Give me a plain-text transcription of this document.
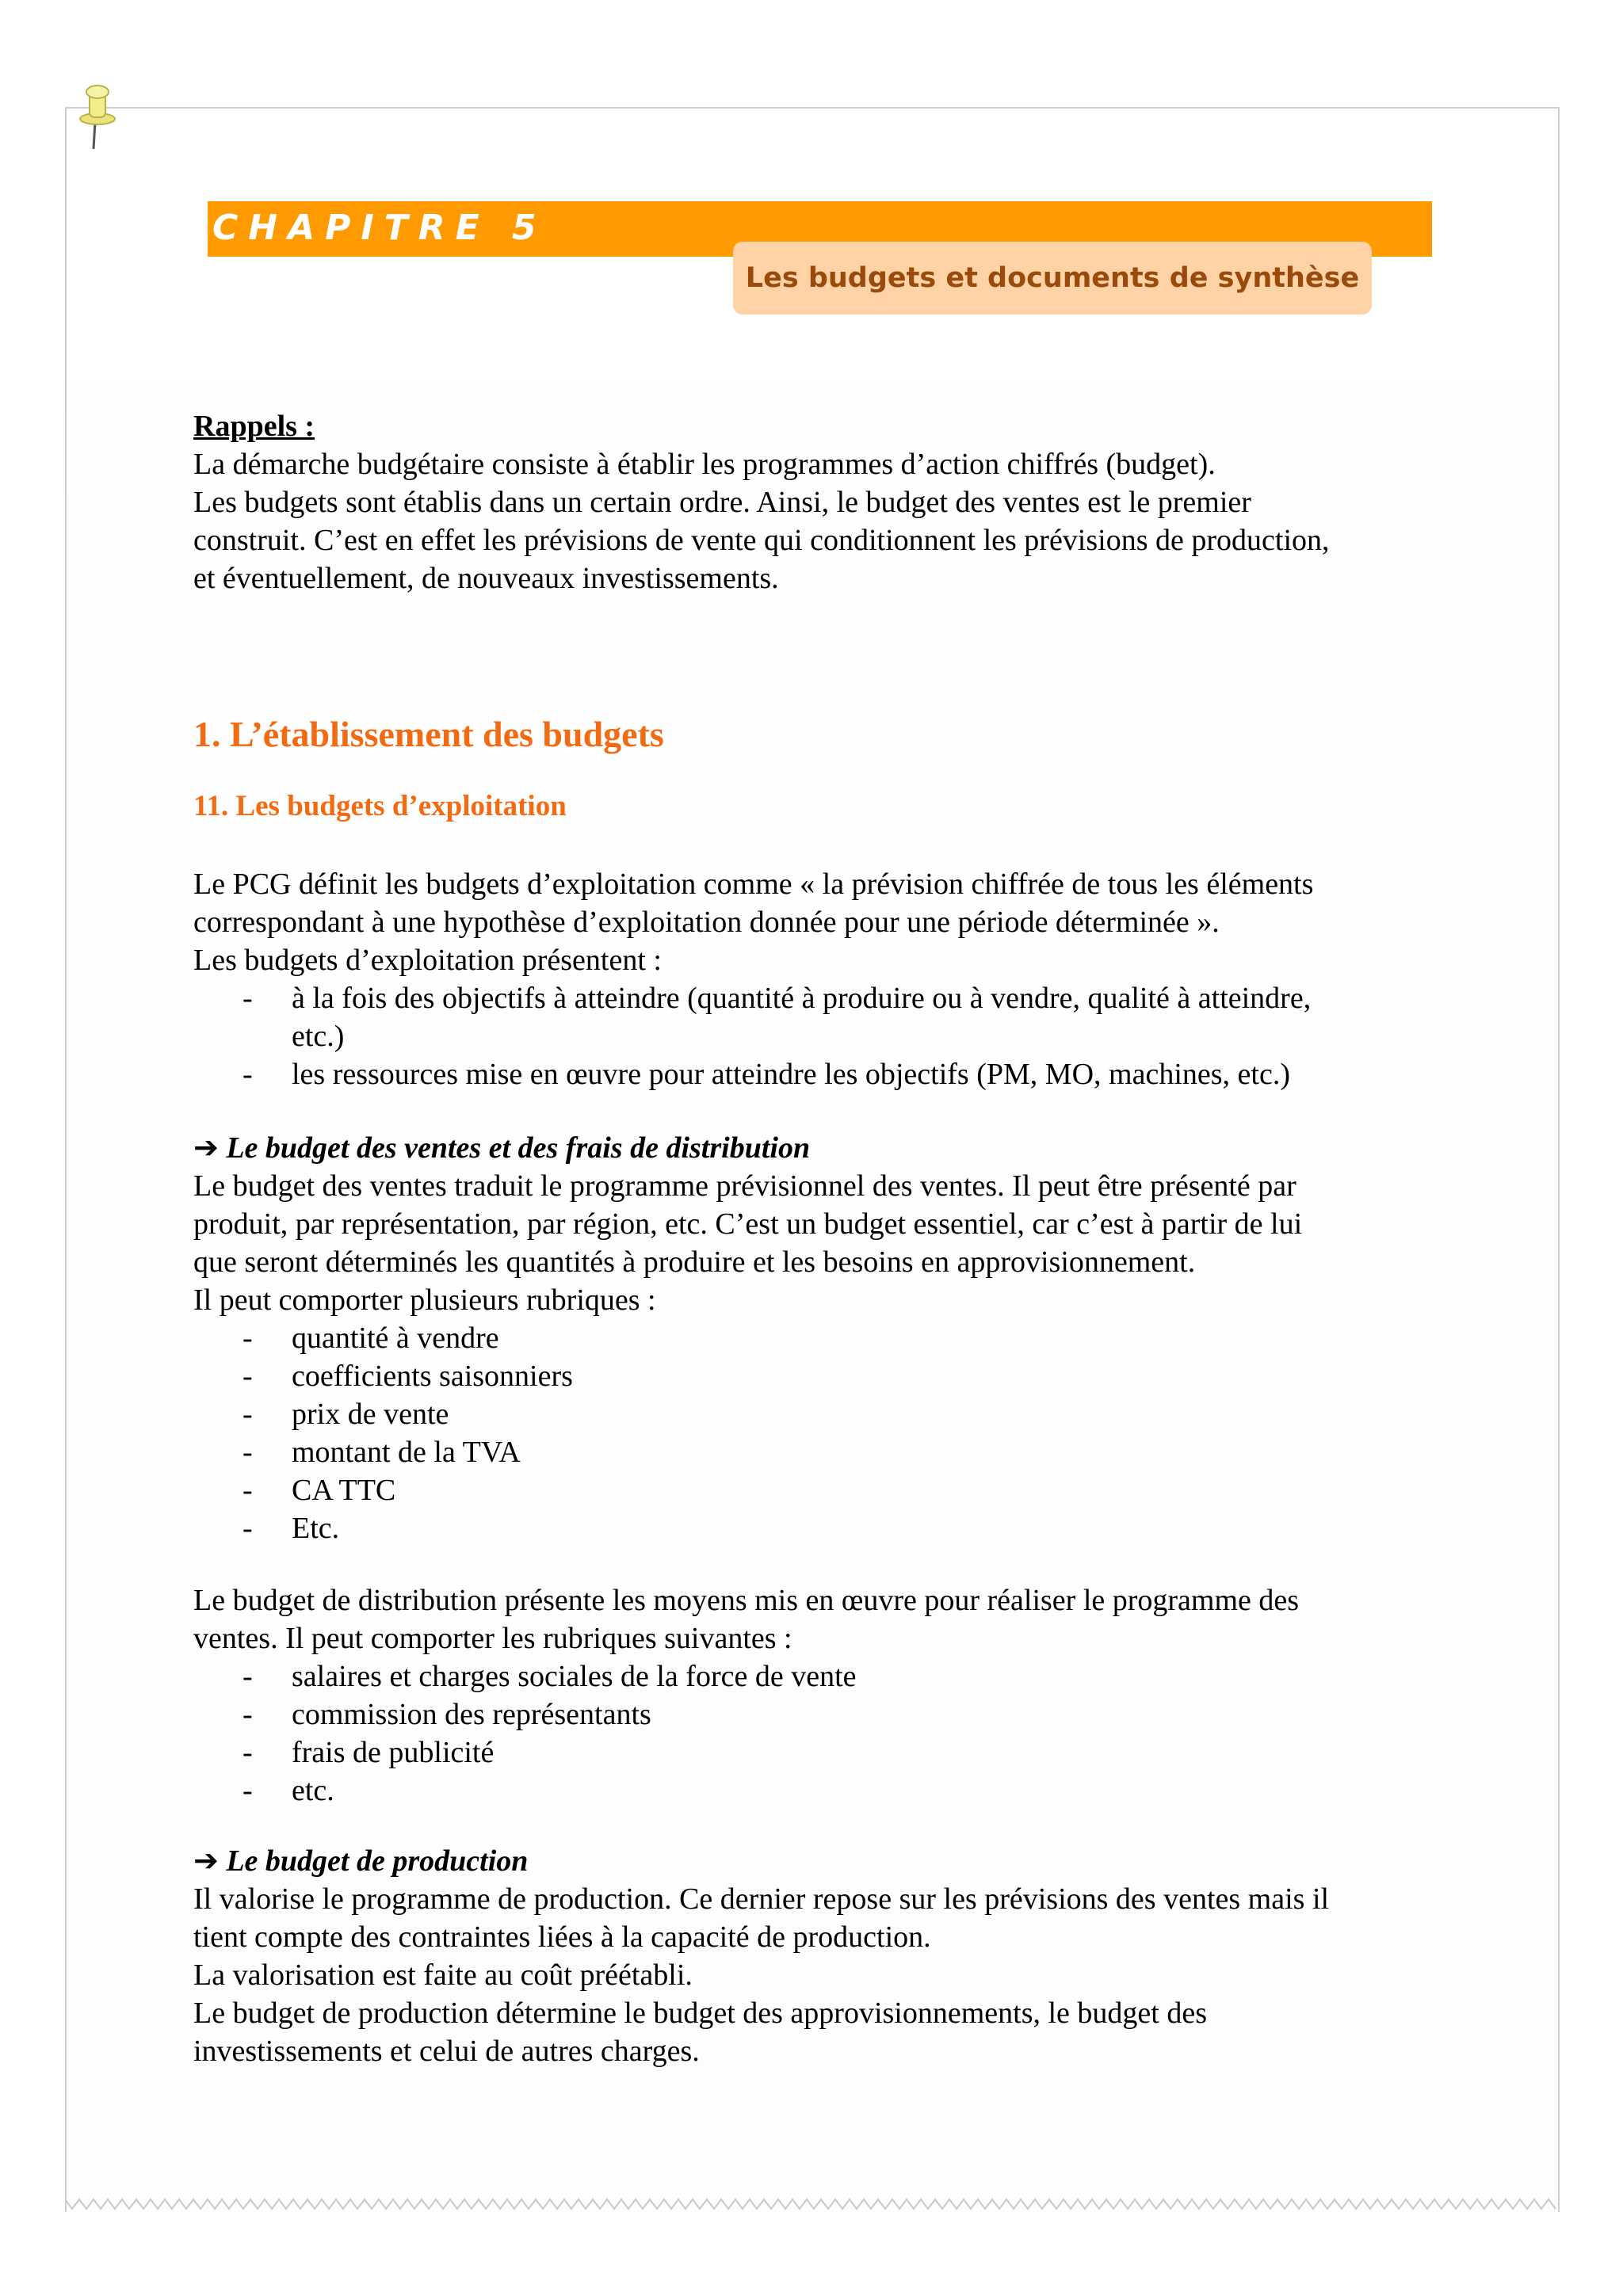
CHAPITRE 5
Les budgets et documents de synthèse

Rappels :

La démarche budgétaire consiste à établir les programmes d’action chiffrés (budget).

Les budgets sont établis dans un certain ordre. Ainsi, le budget des ventes est le premier

construit. C’est en effet les prévisions de vente qui conditionnent les prévisions de production,

et éventuellement, de nouveaux investissements.

1. L’établissement des budgets
11. Les budgets d’exploitation

Le PCG définit les budgets d’exploitation comme « la prévision chiffrée de tous les éléments

correspondant à une hypothèse d’exploitation donnée pour une période déterminée ».

Les budgets d’exploitation présentent :

- à la fois des objectifs à atteindre (quantité à produire ou à vendre, qualité à atteindre,
etc.)
- les ressources mise en œuvre pour atteindre les objectifs (PM, MO, machines, etc.)

➔ Le budget des ventes et des frais de distribution

Le budget des ventes traduit le programme prévisionnel des ventes. Il peut être présenté par

produit, par représentation, par région, etc. C’est un budget essentiel, car c’est à partir de lui

que seront déterminés les quantités à produire et les besoins en approvisionnement.

Il peut comporter plusieurs rubriques :

- quantité à vendre
- coefficients saisonniers
- prix de vente
- montant de la TVA
- CA TTC
- Etc.

Le budget de distribution présente les moyens mis en œuvre pour réaliser le programme des

ventes. Il peut comporter les rubriques suivantes :

- salaires et charges sociales de la force de vente
- commission des représentants
- frais de publicité
- etc.

➔ Le budget de production

Il valorise le programme de production. Ce dernier repose sur les prévisions des ventes mais il

tient compte des contraintes liées à la capacité de production.

La valorisation est faite au coût préétabli.

Le budget de production détermine le budget des approvisionnements, le budget des

investissements et celui de autres charges.
